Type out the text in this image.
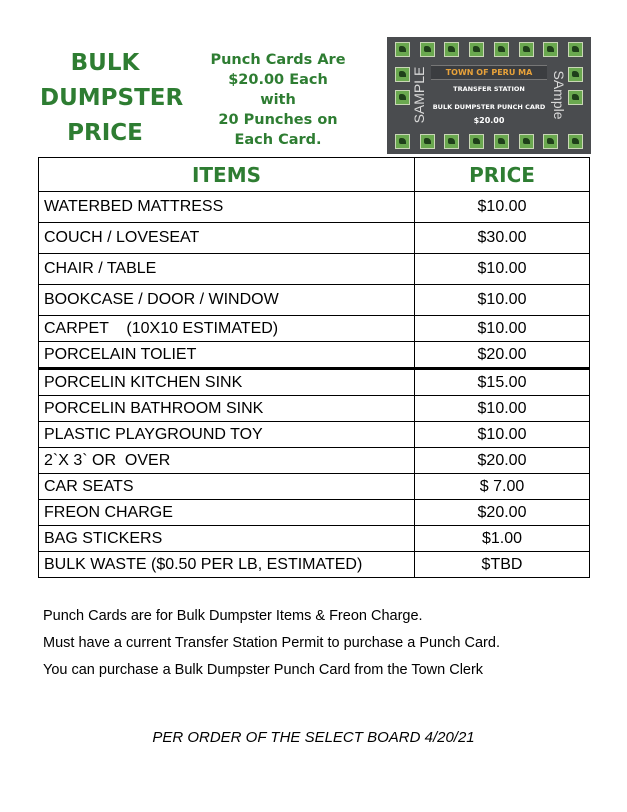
BULK
DUMPSTER
PRICE
Punch Cards Are
$20.00 Each with
20 Punches on
Each Card.
TOWN OF PERU MA
TRANSFER STATION
BULK DUMPSTER PUNCH CARD
$20.00
SAMPLE	SAmple
ITEMS	PRICE
WATERBED MATTRESS	$10.00
COUCH / LOVESEAT	$30.00
CHAIR / TABLE	$10.00
BOOKCASE / DOOR / WINDOW	$10.00
CARPET    (10X10 ESTIMATED)	$10.00
PORCELAIN TOLIET	$20.00
PORCELIN KITCHEN SINK	$15.00
PORCELIN BATHROOM SINK	$10.00
PLASTIC PLAYGROUND TOY	$10.00
2`X 3` OR  OVER	$20.00
CAR SEATS	$ 7.00
FREON CHARGE	$20.00
BAG STICKERS	$1.00
BULK WASTE ($0.50 PER LB, ESTIMATED)	$TBD
Punch Cards are for Bulk Dumpster Items & Freon Charge.
Must have a current Transfer Station Permit to purchase a Punch Card.
You can purchase a Bulk Dumpster Punch Card from the Town Clerk
PER ORDER OF THE SELECT BOARD 4/20/21
